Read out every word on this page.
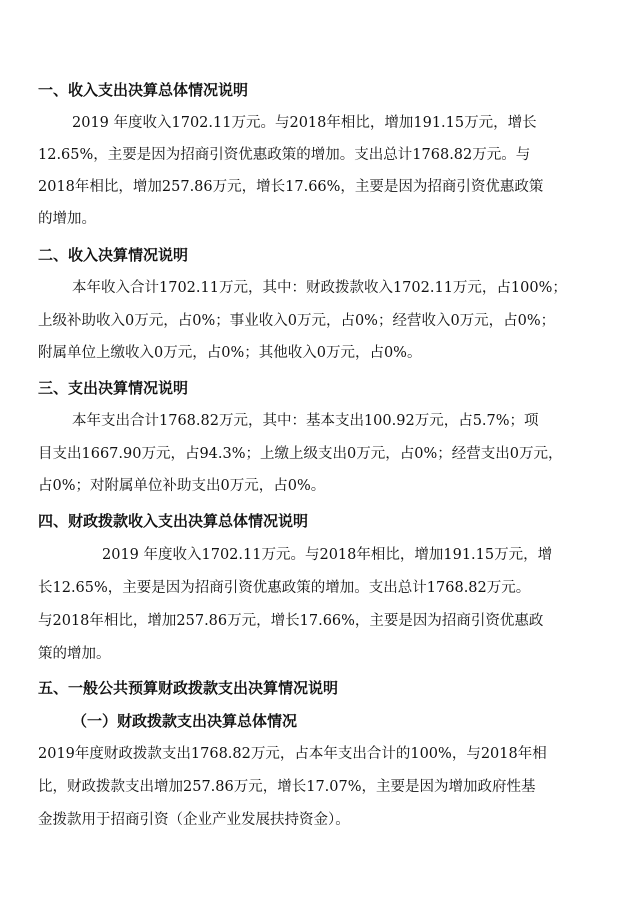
一、收入支出决算总体情况说明
2019 年度收入1702.11万元。与2018年相比，增加191.15万元，增长
12.65%，主要是因为招商引资优惠政策的增加。支出总计1768.82万元。与
2018年相比，增加257.86万元，增长17.66%，主要是因为招商引资优惠政策
的增加。
二、收入决算情况说明
本年收入合计1702.11万元，其中：财政拨款收入1702.11万元，占100%；
上级补助收入0万元，占0%；事业收入0万元，占0%；经营收入0万元，占0%；
附属单位上缴收入0万元，占0%；其他收入0万元，占0%。
三、支出决算情况说明
本年支出合计1768.82万元，其中：基本支出100.92万元，占5.7%；项
目支出1667.90万元，占94.3%；上缴上级支出0万元，占0%；经营支出0万元，
占0%；对附属单位补助支出0万元，占0%。
四、财政拨款收入支出决算总体情况说明
2019 年度收入1702.11万元。与2018年相比，增加191.15万元，增
长12.65%，主要是因为招商引资优惠政策的增加。支出总计1768.82万元。
与2018年相比，增加257.86万元，增长17.66%，主要是因为招商引资优惠政
策的增加。
五、一般公共预算财政拨款支出决算情况说明
（一）财政拨款支出决算总体情况
2019年度财政拨款支出1768.82万元，占本年支出合计的100%，与2018年相
比，财政拨款支出增加257.86万元，增长17.07%，主要是因为增加政府性基
金拨款用于招商引资（企业产业发展扶持资金）。
